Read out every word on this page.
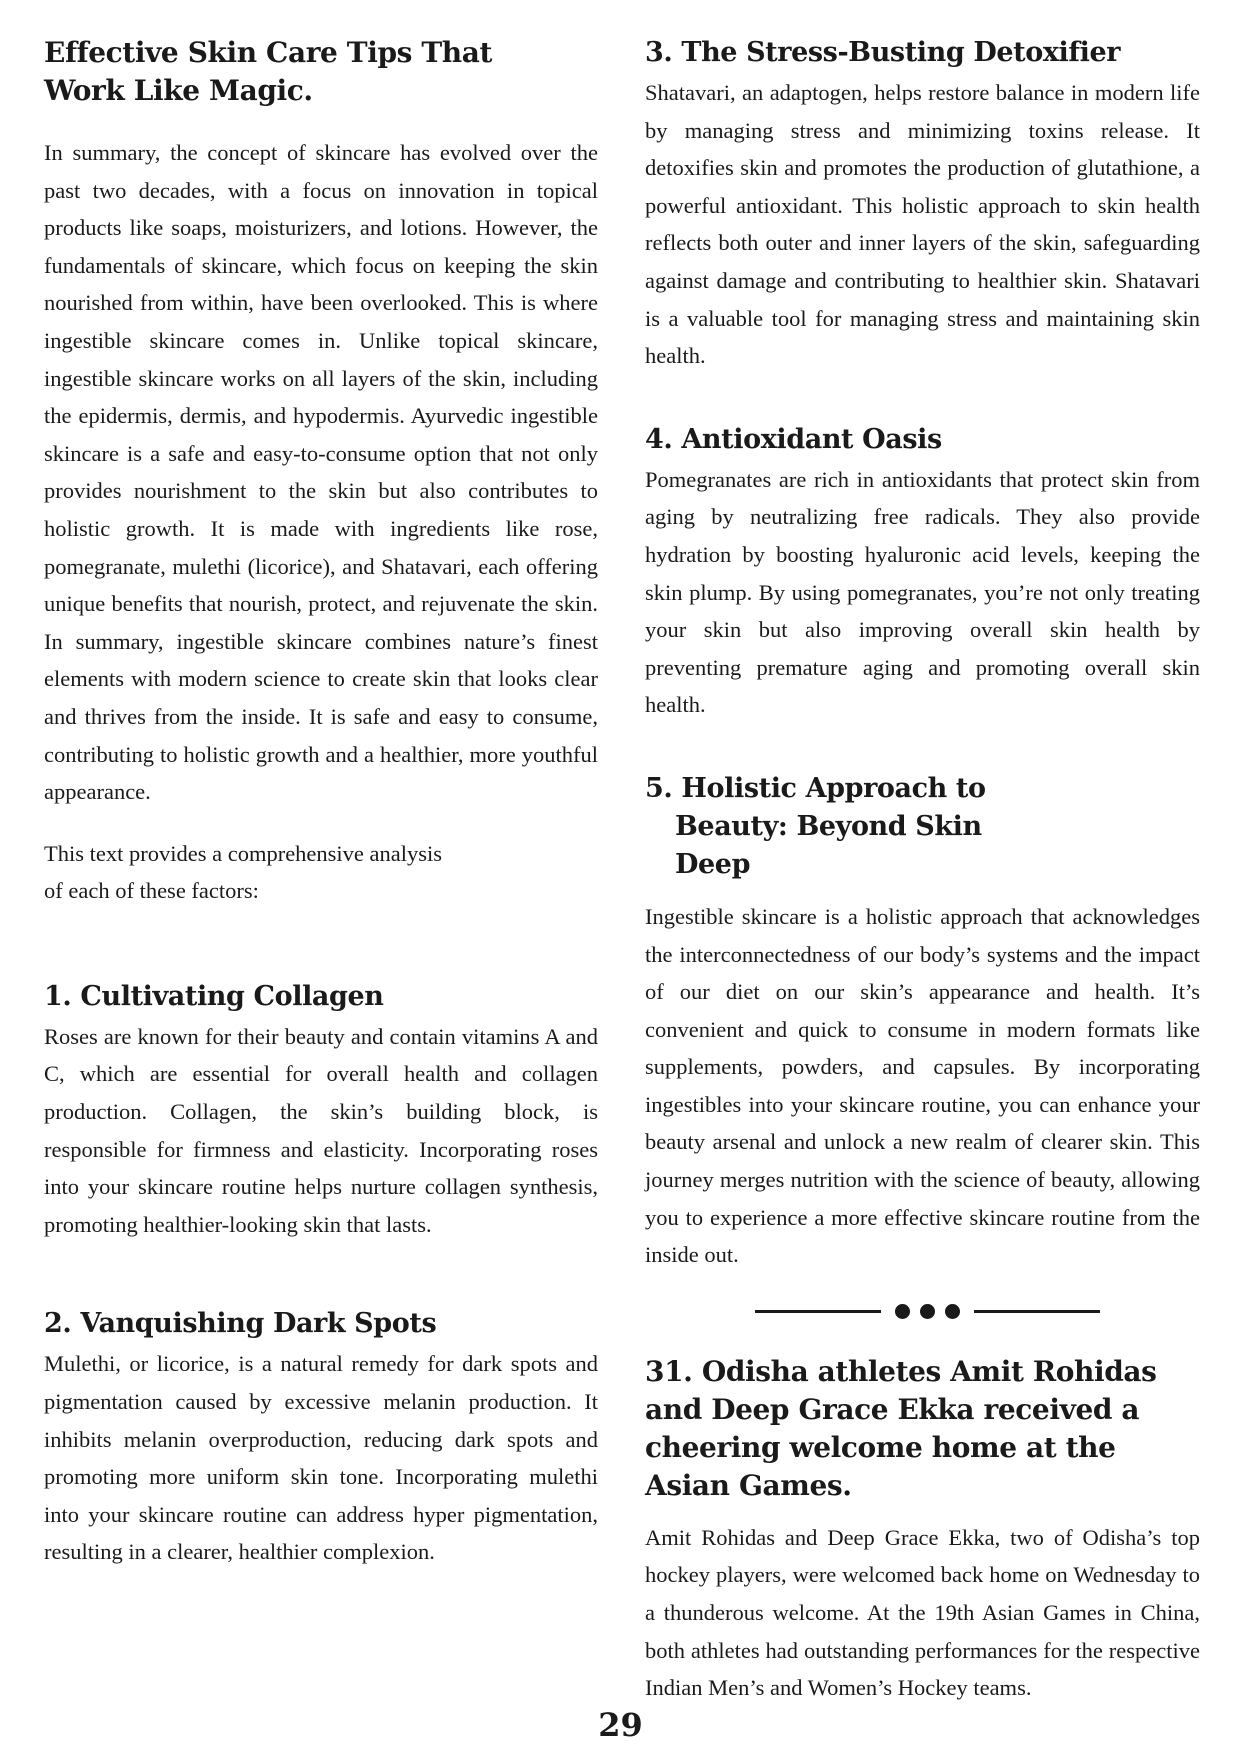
Effective Skin Care Tips That Work Like Magic.

In summary, the concept of skincare has evolved over the past two decades, with a focus on innovation in topical products like soaps, moisturizers, and lotions. However, the fundamentals of skincare, which focus on keeping the skin nourished from within, have been overlooked. This is where ingestible skincare comes in. Unlike topical skincare, ingestible skincare works on all layers of the skin, including the epidermis, dermis, and hypodermis. Ayurvedic ingestible skincare is a safe and easy-to-consume option that not only provides nourishment to the skin but also contributes to holistic growth. It is made with ingredients like rose, pomegranate, mulethi (licorice), and Shatavari, each offering unique benefits that nourish, protect, and rejuvenate the skin. In summary, ingestible skincare combines nature’s finest elements with modern science to create skin that looks clear and thrives from the inside. It is safe and easy to consume, contributing to holistic growth and a healthier, more youthful appearance.

This text provides a comprehensive analysis
of each of these factors:

1. Cultivating Collagen

Roses are known for their beauty and contain vitamins A and C, which are essential for overall health and collagen production. Collagen, the skin’s building block, is responsible for firmness and elasticity. Incorporating roses into your skincare routine helps nurture collagen synthesis, promoting healthier-looking skin that lasts.

2. Vanquishing Dark Spots

Mulethi, or licorice, is a natural remedy for dark spots and pigmentation caused by excessive melanin production. It inhibits melanin overproduction, reducing dark spots and promoting more uniform skin tone. Incorporating mulethi into your skincare routine can address hyper pigmentation, resulting in a clearer, healthier complexion.

3. The Stress-Busting Detoxifier

Shatavari, an adaptogen, helps restore balance in modern life by managing stress and minimizing toxins release. It detoxifies skin and promotes the production of glutathione, a powerful antioxidant. This holistic approach to skin health reflects both outer and inner layers of the skin, safeguarding against damage and contributing to healthier skin. Shatavari is a valuable tool for managing stress and maintaining skin health.

4. Antioxidant Oasis

Pomegranates are rich in antioxidants that protect skin from aging by neutralizing free radicals. They also provide hydration by boosting hyaluronic acid levels, keeping the skin plump. By using pomegranates, you’re not only treating your skin but also improving overall skin health by preventing premature aging and promoting overall skin health.

5. Holistic Approach to Beauty: Beyond Skin Deep

Ingestible skincare is a holistic approach that acknowledges the interconnectedness of our body’s systems and the impact of our diet on our skin’s appearance and health. It’s convenient and quick to consume in modern formats like supplements, powders, and capsules. By incorporating ingestibles into your skincare routine, you can enhance your beauty arsenal and unlock a new realm of clearer skin. This journey merges nutrition with the science of beauty, allowing you to experience a more effective skincare routine from the inside out.

31. Odisha athletes Amit Rohidas and Deep Grace Ekka received a cheering welcome home at the Asian Games.

Amit Rohidas and Deep Grace Ekka, two of Odisha’s top hockey players, were welcomed back home on Wednesday to a thunderous welcome. At the 19th Asian Games in China, both athletes had outstanding performances for the respective Indian Men’s and Women’s Hockey teams.

29
